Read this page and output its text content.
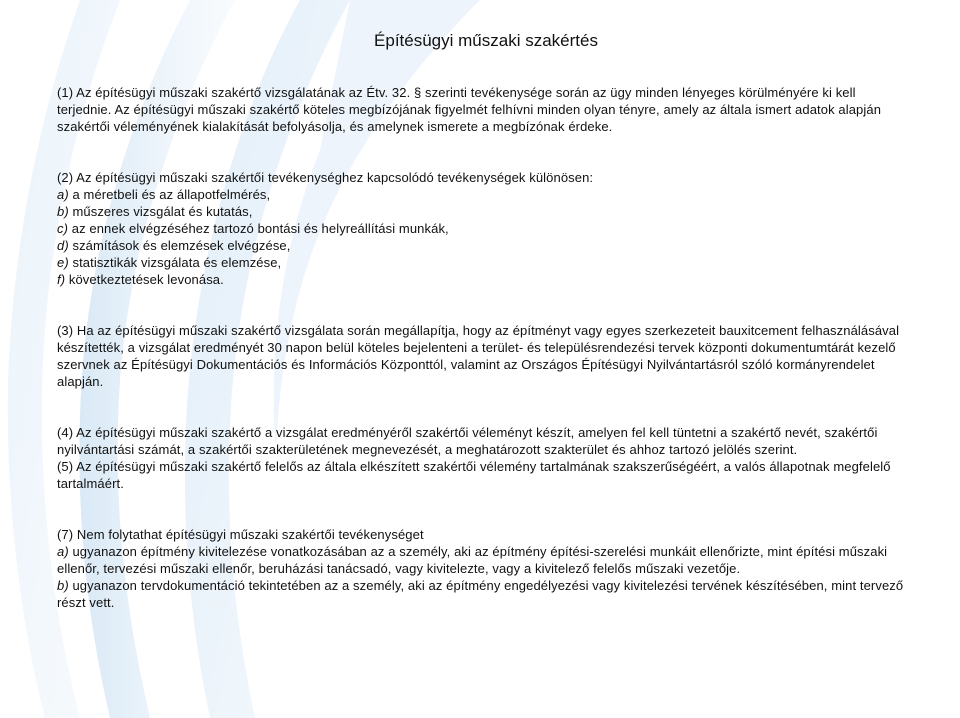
Építésügyi műszaki szakértés

(1) Az építésügyi műszaki szakértő vizsgálatának az Étv. 32. § szerinti tevékenysége során az ügy minden lényeges körülményére ki kell terjednie. Az építésügyi műszaki szakértő köteles megbízójának figyelmét felhívni minden olyan tényre, amely az általa ismert adatok alapján szakértői véleményének kialakítását befolyásolja, és amelynek ismerete a megbízónak érdeke.

(2) Az építésügyi műszaki szakértői tevékenységhez kapcsolódó tevékenységek különösen:

a) a méretbeli és az állapotfelmérés,

b) műszeres vizsgálat és kutatás,

c) az ennek elvégzéséhez tartozó bontási és helyreállítási munkák,

d) számítások és elemzések elvégzése,

e) statisztikák vizsgálata és elemzése,

f) következtetések levonása.

(3) Ha az építésügyi műszaki szakértő vizsgálata során megállapítja, hogy az építményt vagy egyes szerkezeteit bauxitcement felhasználásával készítették, a vizsgálat eredményét 30 napon belül köteles bejelenteni a terület- és településrendezési tervek központi dokumentumtárát kezelő szervnek az Építésügyi Dokumentációs és Információs Központtól, valamint az Országos Építésügyi Nyilvántartásról szóló kormányrendelet alapján.

(4) Az építésügyi műszaki szakértő a vizsgálat eredményéről szakértői véleményt készít, amelyen fel kell tüntetni a szakértő nevét, szakértői nyilvántartási számát, a szakértői szakterületének megnevezését, a meghatározott szakterület és ahhoz tartozó jelölés szerint.

(5) Az építésügyi műszaki szakértő felelős az általa elkészített szakértői vélemény tartalmának szakszerűségéért, a valós állapotnak megfelelő tartalmáért.

(7) Nem folytathat építésügyi műszaki szakértői tevékenységet

a) ugyanazon építmény kivitelezése vonatkozásában az a személy, aki az építmény építési-szerelési munkáit ellenőrizte, mint építési műszaki ellenőr, tervezési műszaki ellenőr, beruházási tanácsadó, vagy kivitelezte, vagy a kivitelező felelős műszaki vezetője.

b) ugyanazon tervdokumentáció tekintetében az a személy, aki az építmény engedélyezési vagy kivitelezési tervének készítésében, mint tervező részt vett.
